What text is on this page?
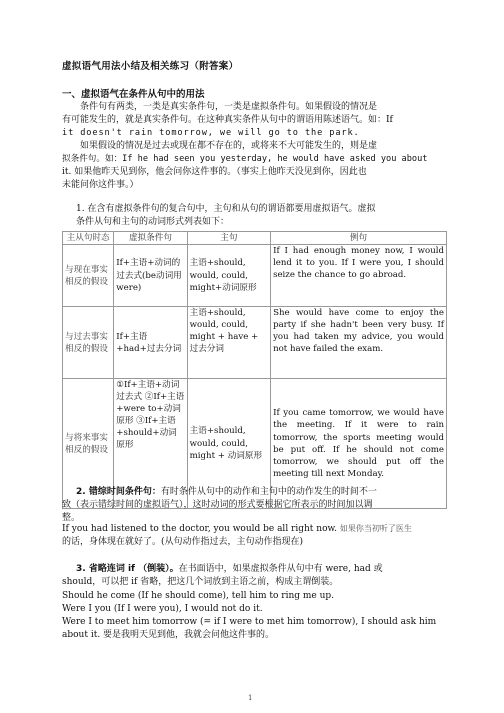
虚拟语气用法小结及相关练习（附答案）
一、虚拟语气在条件从句中的用法

条件句有两类，一类是真实条件句，一类是虚拟条件句。如果假设的情况是

有可能发生的，就是真实条件句。在这种真实条件从句中的谓语用陈述语气。如：If

it doesn't rain tomorrow, we will go to the park.

如果假设的情况是过去或现在都不存在的，或将来不大可能发生的，则是虚

拟条件句。如：If he had seen you yesterday, he would have asked you about

it. 如果他昨天见到你，他会问你这件事的。（事实上他昨天没见到你，因此也

未能问你这件事。）

1. 在含有虚拟条件句的复合句中，主句和从句的谓语都要用虚拟语气。虚拟

条件从句和主句的动词形式列表如下：

主从句时态	虚拟条件句	主句	例句
与现在事实相反的假设	If+主语+动词的过去式(be动词用were)	主语+should, would, could, might+动词原形	If I had enough money now, I would lend it to you. If I were you, I should seize the chance to go abroad.
与过去事实相反的假设	If+主语+had+过去分词	主语+should, would, could, might + have + 过去分词	She would have come to enjoy the party if she hadn't been very busy. If you had taken my advice, you would not have failed the exam.
与将来事实相反的假设	①If+主语+动词过去式 ②If+主语+were to+动词原形 ③If+主语+should+动词原形	主语+should, would, could, might + 动词原形	If you came tomorrow, we would have the meeting. If it were to rain tomorrow, the sports meeting would be put off. If he should not come tomorrow, we should put off the meeting till next Monday.

2. 错综时间条件句：有时条件从句中的动作和主句中的动作发生的时间不一

致（表示错综时间的虚拟语气），这时动词的形式要根据它所表示的时间加以调

整。

If you had listened to the doctor, you would be all right now. 如果你当初听了医生

的话，身体现在就好了。(从句动作指过去，主句动作指现在)

3. 省略连词 if （倒装）。在书面语中，如果虚拟条件从句中有 were, had 或

should，可以把 if 省略，把这几个词放到主语之前，构成主谓倒装。

Should he come (If he should come), tell him to ring me up.

Were I you (If I were you), I would not do it.

Were I to meet him tomorrow (= if I were to met him tomorrow), I should ask him

about it. 要是我明天见到他，我就会问他这件事的。

1
